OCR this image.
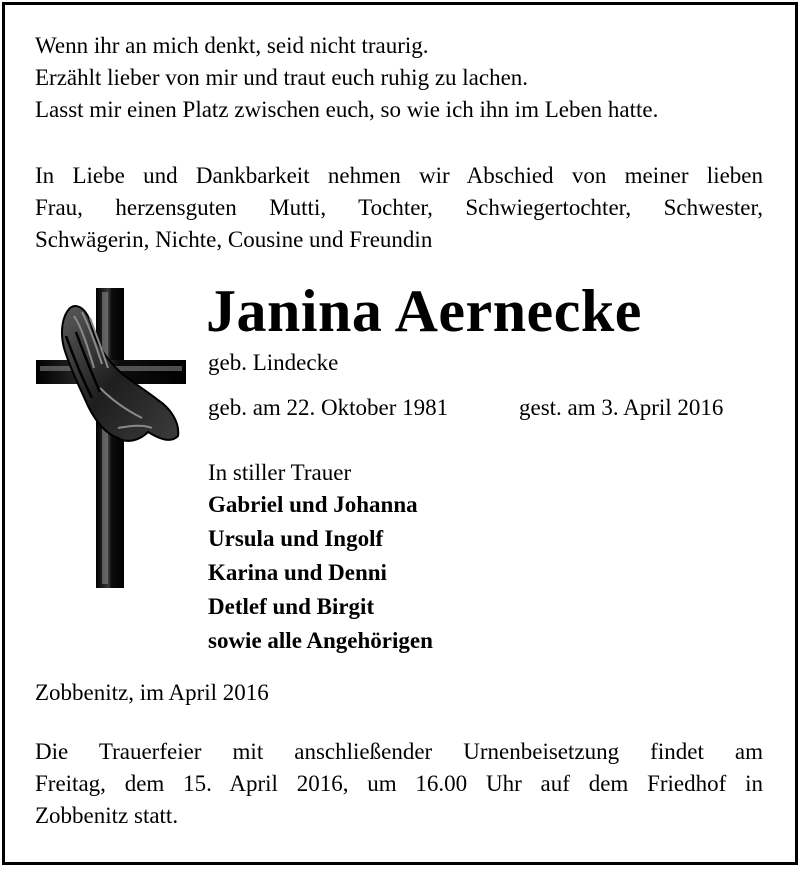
Wenn ihr an mich denkt, seid nicht traurig.
Erzählt lieber von mir und traut euch ruhig zu lachen.
Lasst mir einen Platz zwischen euch, so wie ich ihn im Leben hatte.
In Liebe und Dankbarkeit nehmen wir Abschied von meiner lieben
Frau, herzensguten Mutti, Tochter, Schwiegertochter, Schwester,
Schwägerin, Nichte, Cousine und Freundin
Janina Aernecke
geb. Lindecke
geb. am 22. Oktober 1981	gest. am 3. April 2016
In stiller Trauer
Gabriel und Johanna
Ursula und Ingolf
Karina und Denni
Detlef und Birgit
sowie alle Angehörigen
Zobbenitz, im April 2016
Die Trauerfeier mit anschließender Urnenbeisetzung findet am
Freitag, dem 15. April 2016, um 16.00 Uhr auf dem Friedhof in
Zobbenitz statt.
